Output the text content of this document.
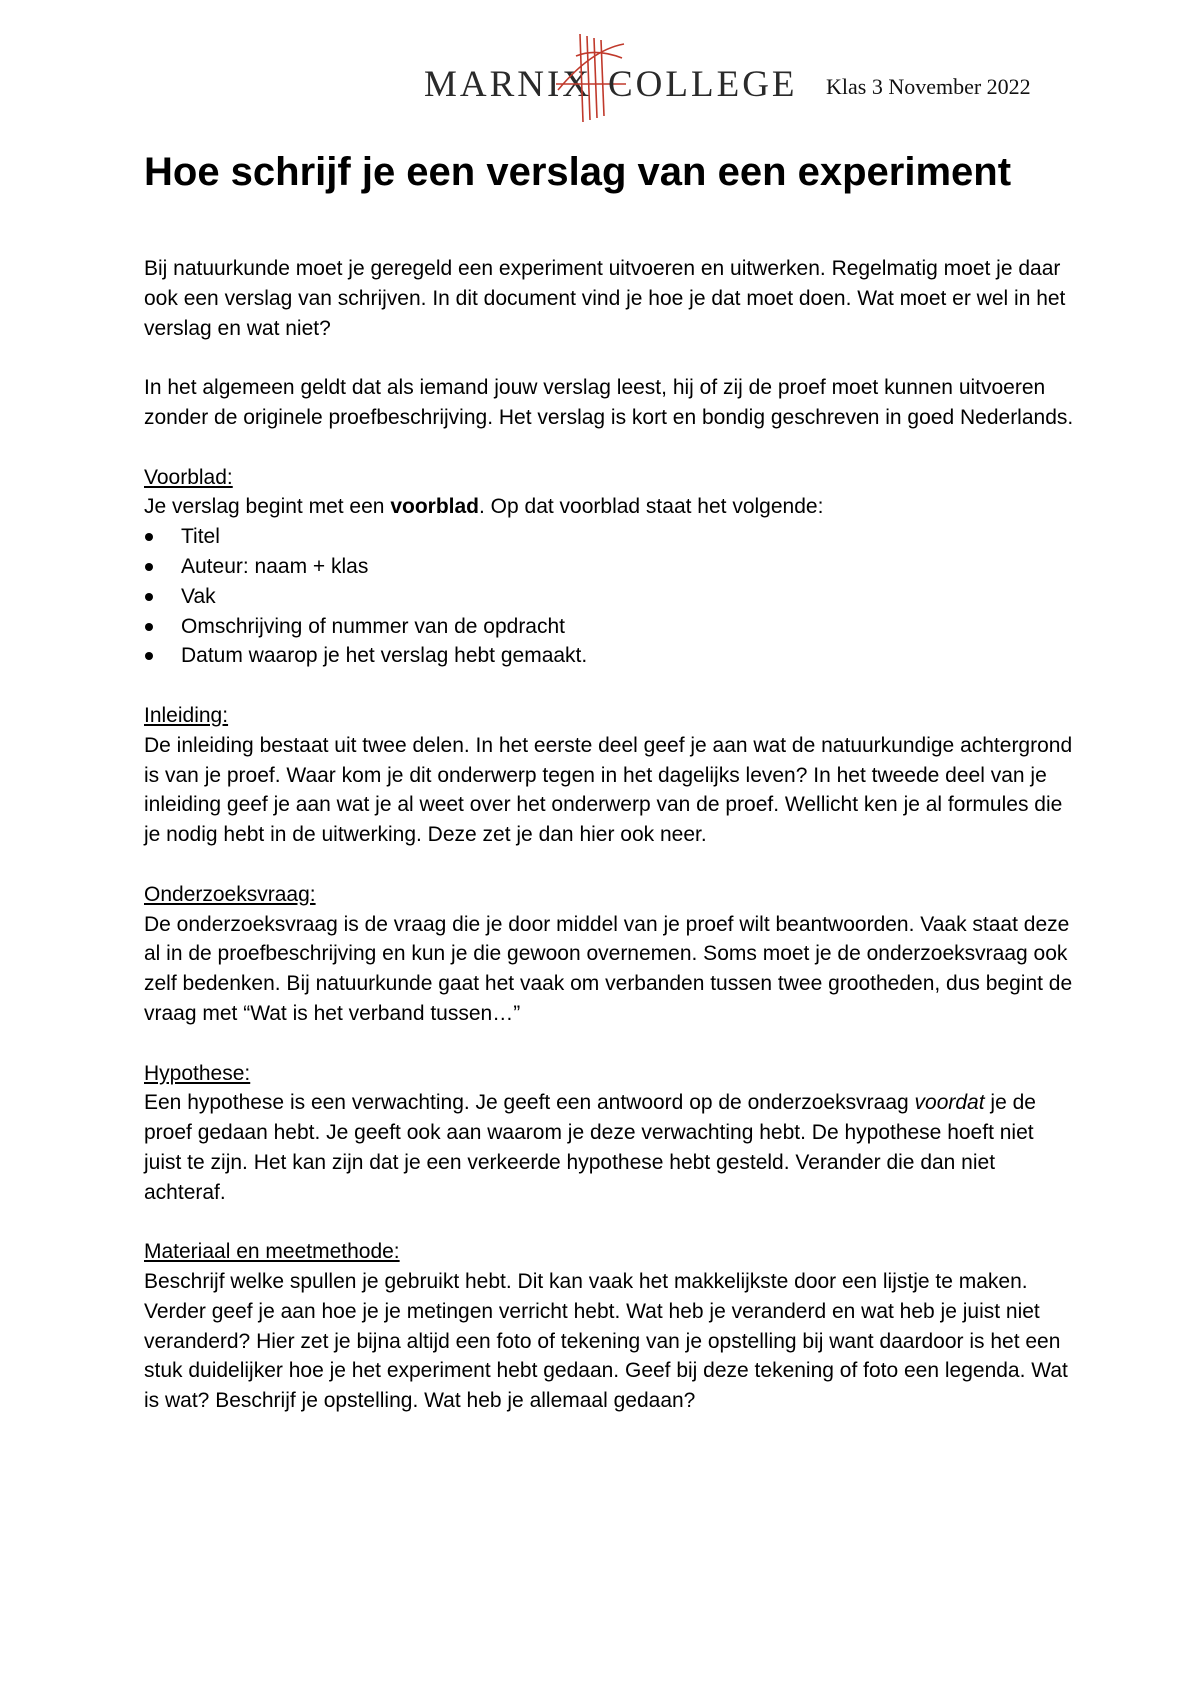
MARNIX COLLEGE Klas 3 November 2022
Hoe schrijf je een verslag van een experiment

Bij natuurkunde moet je geregeld een experiment uitvoeren en uitwerken. Regelmatig moet je daar ook een verslag van schrijven. In dit document vind je hoe je dat moet doen. Wat moet er wel in het verslag en wat niet?

In het algemeen geldt dat als iemand jouw verslag leest, hij of zij de proef moet kunnen uitvoeren zonder de originele proefbeschrijving. Het verslag is kort en bondig geschreven in goed Nederlands.

Voorblad:

Je verslag begint met een voorblad. Op dat voorblad staat het volgende:

Titel
Auteur: naam + klas
Vak
Omschrijving of nummer van de opdracht
Datum waarop je het verslag hebt gemaakt.

Inleiding:

De inleiding bestaat uit twee delen. In het eerste deel geef je aan wat de natuurkundige achtergrond is van je proef. Waar kom je dit onderwerp tegen in het dagelijks leven? In het tweede deel van je inleiding geef je aan wat je al weet over het onderwerp van de proef. Wellicht ken je al formules die je nodig hebt in de uitwerking. Deze zet je dan hier ook neer.

Onderzoeksvraag:

De onderzoeksvraag is de vraag die je door middel van je proef wilt beantwoorden. Vaak staat deze al in de proefbeschrijving en kun je die gewoon overnemen. Soms moet je de onderzoeksvraag ook zelf bedenken. Bij natuurkunde gaat het vaak om verbanden tussen twee grootheden, dus begint de vraag met “Wat is het verband tussen…”

Hypothese:

Een hypothese is een verwachting. Je geeft een antwoord op de onderzoeksvraag voordat je de proef gedaan hebt. Je geeft ook aan waarom je deze verwachting hebt. De hypothese hoeft niet juist te zijn. Het kan zijn dat je een verkeerde hypothese hebt gesteld. Verander die dan niet achteraf.

Materiaal en meetmethode:

Beschrijf welke spullen je gebruikt hebt. Dit kan vaak het makkelijkste door een lijstje te maken.

Verder geef je aan hoe je je metingen verricht hebt. Wat heb je veranderd en wat heb je juist niet veranderd? Hier zet je bijna altijd een foto of tekening van je opstelling bij want daardoor is het een stuk duidelijker hoe je het experiment hebt gedaan. Geef bij deze tekening of foto een legenda. Wat is wat? Beschrijf je opstelling. Wat heb je allemaal gedaan?
